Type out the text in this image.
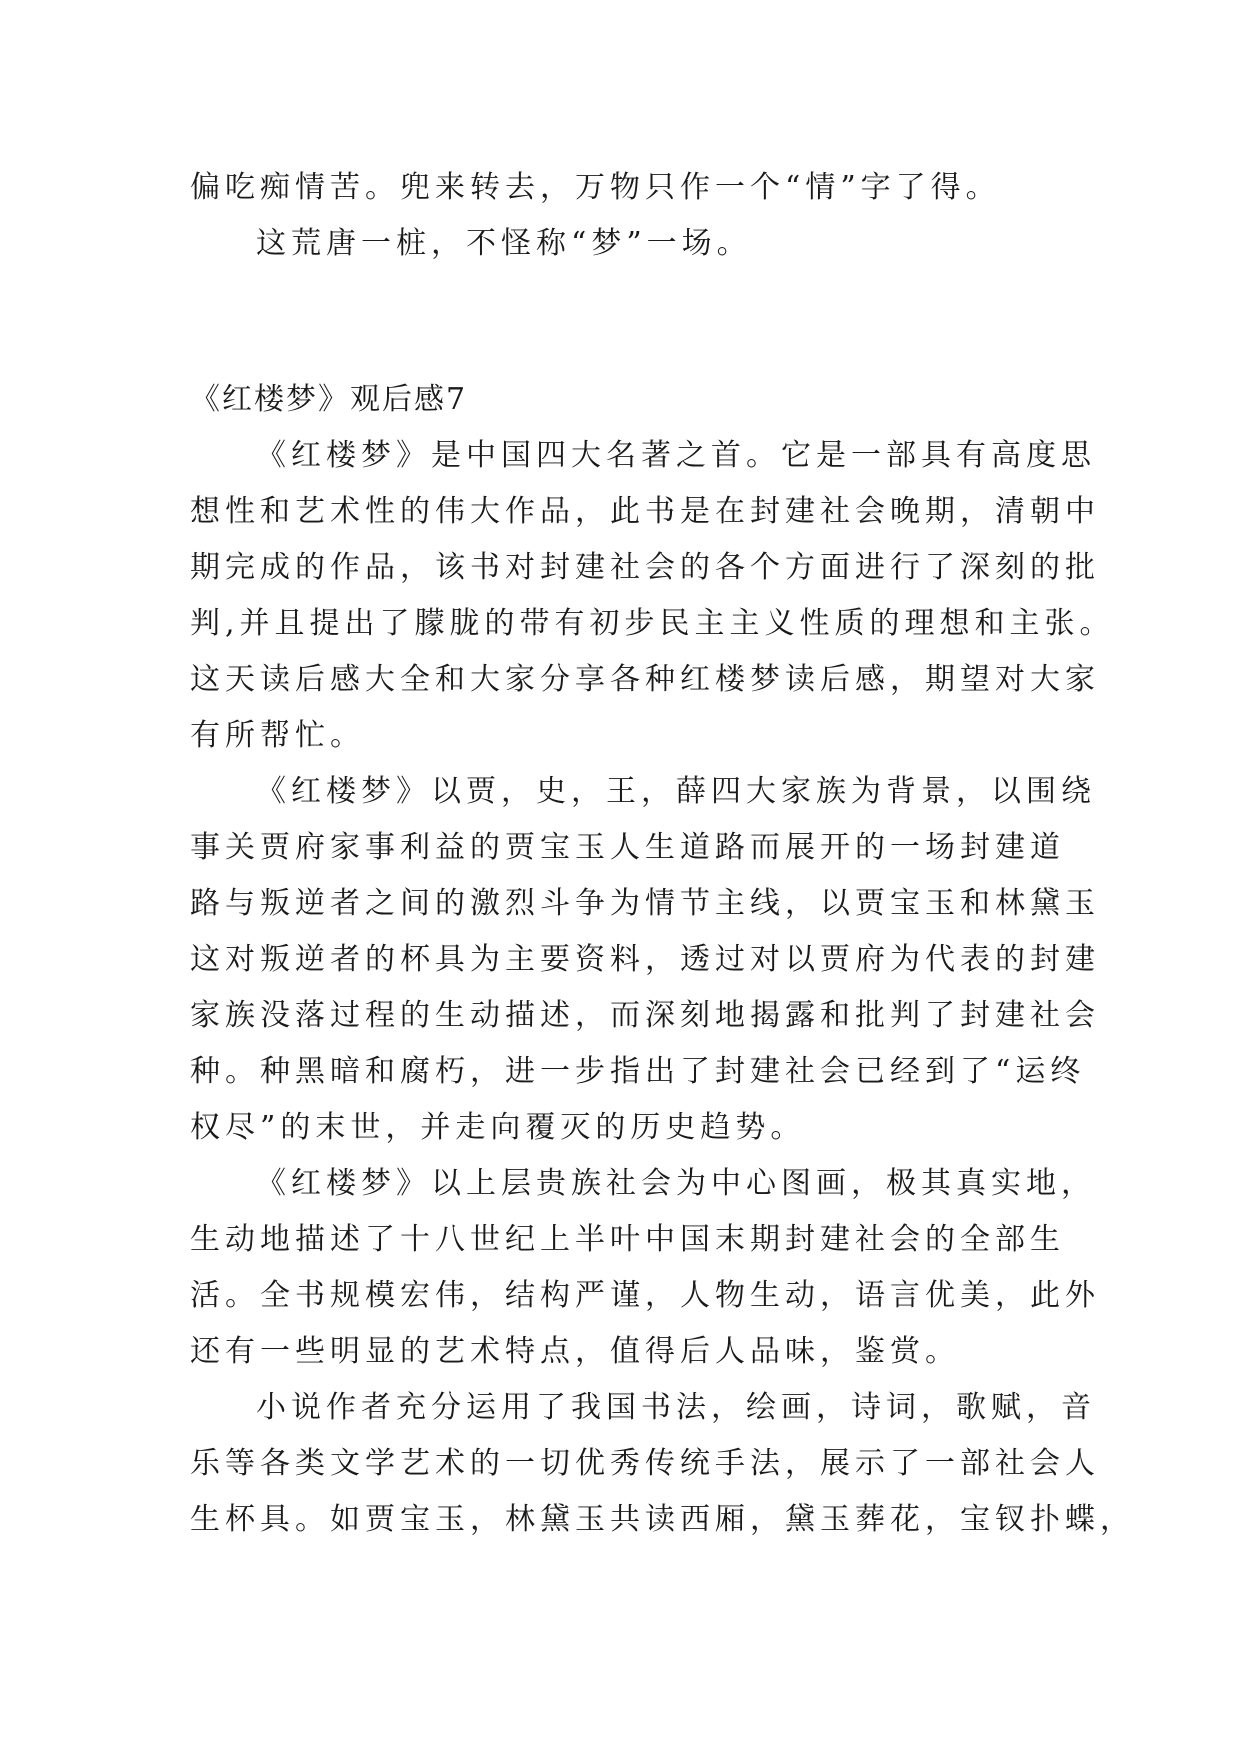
偏吃痴情苦。兜来转去，万物只作一个“情”字了得。
这荒唐一桩，不怪称“梦”一场。
《红楼梦》观后感7
《红楼梦》是中国四大名著之首。它是一部具有高度思
想性和艺术性的伟大作品，此书是在封建社会晚期，清朝中
期完成的作品，该书对封建社会的各个方面进行了深刻的批
判,并且提出了朦胧的带有初步民主主义性质的理想和主张。
这天读后感大全和大家分享各种红楼梦读后感，期望对大家
有所帮忙。
《红楼梦》以贾，史，王，薛四大家族为背景，以围绕
事关贾府家事利益的贾宝玉人生道路而展开的一场封建道
路与叛逆者之间的激烈斗争为情节主线，以贾宝玉和林黛玉
这对叛逆者的杯具为主要资料，透过对以贾府为代表的封建
家族没落过程的生动描述，而深刻地揭露和批判了封建社会
种。种黑暗和腐朽，进一步指出了封建社会已经到了“运终
权尽”的末世，并走向覆灭的历史趋势。
《红楼梦》以上层贵族社会为中心图画，极其真实地，
生动地描述了十八世纪上半叶中国末期封建社会的全部生
活。全书规模宏伟，结构严谨，人物生动，语言优美，此外
还有一些明显的艺术特点，值得后人品味，鉴赏。
小说作者充分运用了我国书法，绘画，诗词，歌赋，音
乐等各类文学艺术的一切优秀传统手法，展示了一部社会人
生杯具。如贾宝玉，林黛玉共读西厢，黛玉葬花，宝钗扑蝶，
